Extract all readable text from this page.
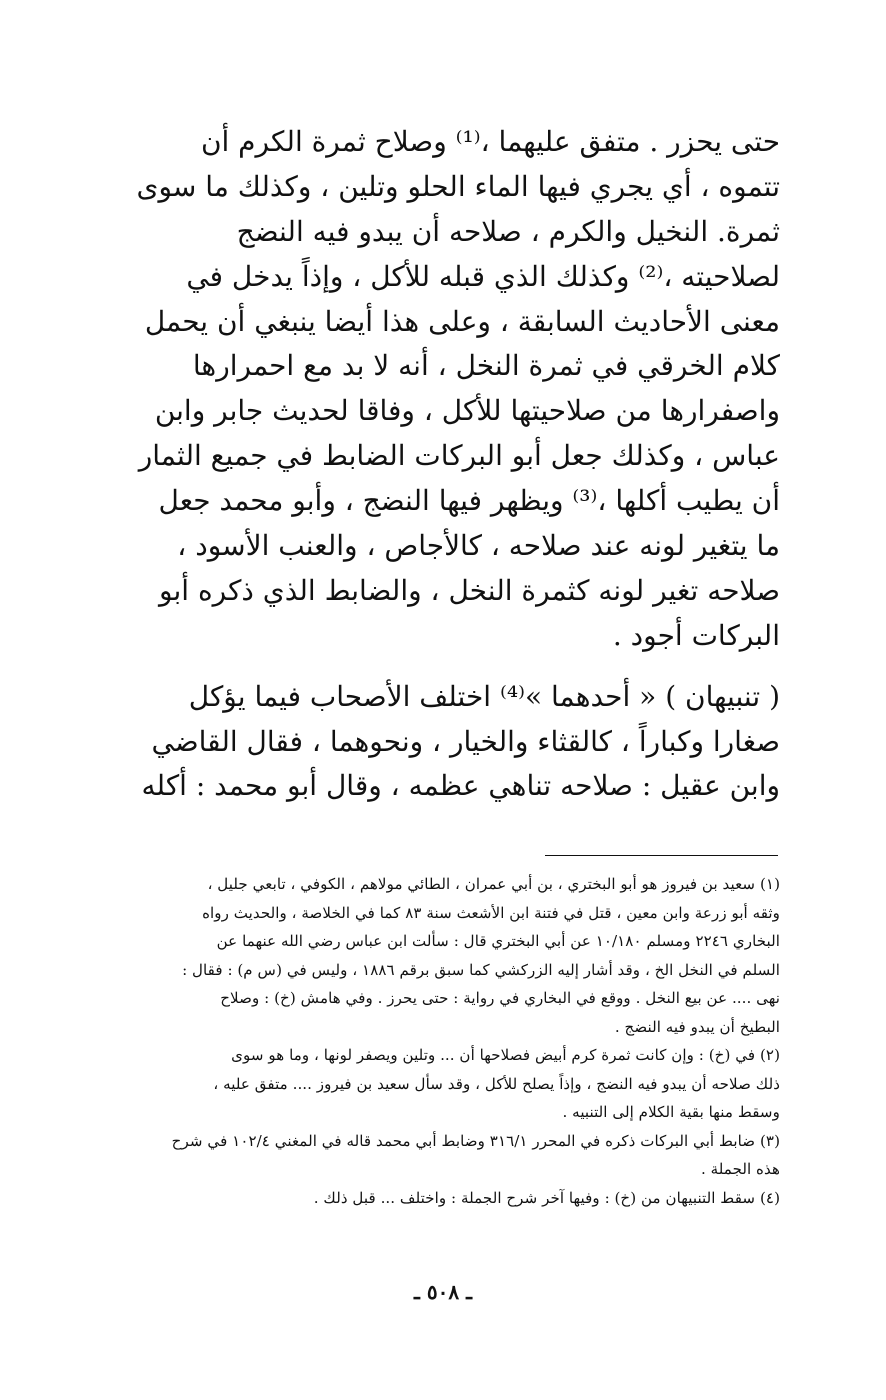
حتى يحزر . متفق عليهما ،⁽¹⁾ وصلاح ثمرة الكرم أن
تتموه ، أي يجري فيها الماء الحلو وتلين ، وكذلك ما سوى
ثمرة. النخيل والكرم ، صلاحه أن يبدو فيه النضج
لصلاحيته ،⁽²⁾ وكذلك الذي قبله للأكل ، وإذاً يدخل في
معنى الأحاديث السابقة ، وعلى هذا أيضا ينبغي أن يحمل
كلام الخرقي في ثمرة النخل ، أنه لا بد مع احمرارها
واصفرارها من صلاحيتها للأكل ، وفاقا لحديث جابر وابن
عباس ، وكذلك جعل أبو البركات الضابط في جميع الثمار
أن يطيب أكلها ،⁽³⁾ ويظهر فيها النضج ، وأبو محمد جعل
ما يتغير لونه عند صلاحه ، كالأجاص ، والعنب الأسود ،
صلاحه تغير لونه كثمرة النخل ، والضابط الذي ذكره أبو
البركات أجود .
( تنبيهان ) « أحدهما »⁽⁴⁾ اختلف الأصحاب فيما يؤكل
صغارا وكباراً ، كالقثاء والخيار ، ونحوهما ، فقال القاضي
وابن عقيل : صلاحه تناهي عظمه ، وقال أبو محمد : أكله
(١) سعيد بن فيروز هو أبو البختري ، بن أبي عمران ، الطائي مولاهم ، الكوفي ، تابعي جليل ،
وثقه أبو زرعة وابن معين ، قتل في فتنة ابن الأشعث سنة ٨٣ كما في الخلاصة ، والحديث رواه
البخاري ٢٢٤٦ ومسلم ١٠/١٨٠ عن أبي البختري قال : سألت ابن عباس رضي الله عنهما عن
السلم في النخل الخ ، وقد أشار إليه الزركشي كما سبق برقم ١٨٨٦ ، وليس في (س م) : فقال :
نهى .... عن بيع النخل . ووقع في البخاري في رواية : حتى يحرز . وفي هامش (خ) : وصلاح
البطيخ أن يبدو فيه النضج .
(٢) في (خ) : وإن كانت ثمرة كرم أبيض فصلاحها أن ... وتلين ويصفر لونها ، وما هو سوى
ذلك صلاحه أن يبدو فيه النضج ، وإذاً يصلح للأكل ، وقد سأل سعيد بن فيروز .... متفق عليه ،
وسقط منها بقية الكلام إلى التنبيه .
(٣) ضابط أبي البركات ذكره في المحرر ٣١٦/١ وضابط أبي محمد قاله في المغني ١٠٢/٤ في شرح
هذه الجملة .
(٤) سقط التنبيهان من (خ) : وفيها آخر شرح الجملة : واختلف ... قبل ذلك .
ـ ٥٠٨ ـ
